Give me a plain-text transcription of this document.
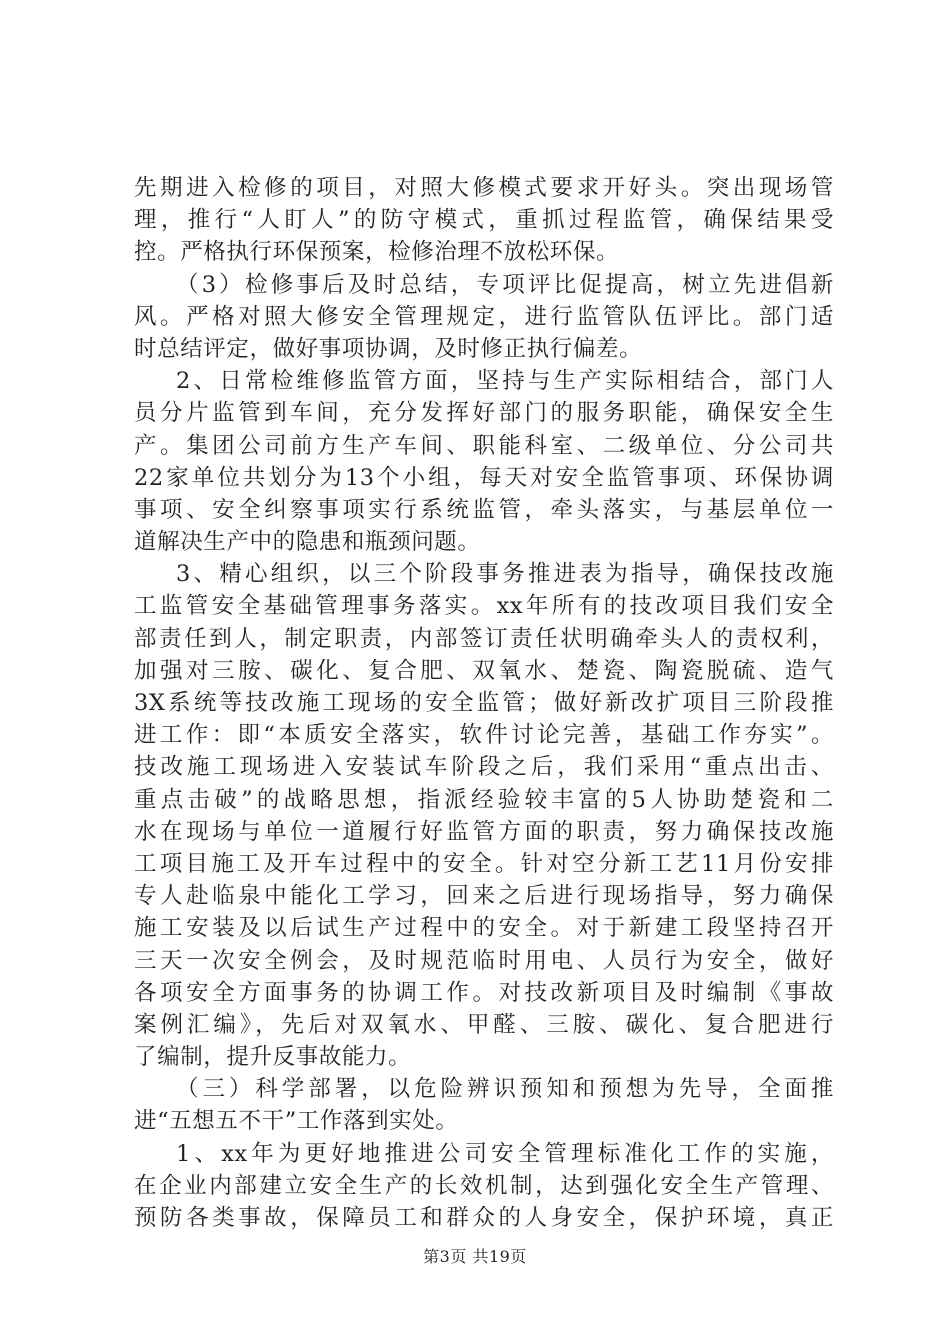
先期进入检修的项目，对照大修模式要求开好头。突出现场管
理，推行“人盯人”的防守模式，重抓过程监管，确保结果受
控。严格执行环保预案，检修治理不放松环保。
（3）检修事后及时总结，专项评比促提高，树立先进倡新
风。严格对照大修安全管理规定，进行监管队伍评比。部门适
时总结评定，做好事项协调，及时修正执行偏差。
2、日常检维修监管方面，坚持与生产实际相结合，部门人
员分片监管到车间，充分发挥好部门的服务职能，确保安全生
产。集团公司前方生产车间、职能科室、二级单位、分公司共
22家单位共划分为13个小组，每天对安全监管事项、环保协调
事项、安全纠察事项实行系统监管，牵头落实，与基层单位一
道解决生产中的隐患和瓶颈问题。
3、精心组织，以三个阶段事务推进表为指导，确保技改施
工监管安全基础管理事务落实。xx年所有的技改项目我们安全
部责任到人，制定职责，内部签订责任状明确牵头人的责权利，
加强对三胺、碳化、复合肥、双氧水、楚瓷、陶瓷脱硫、造气
3X系统等技改施工现场的安全监管；做好新改扩项目三阶段推
进工作：即“本质安全落实，软件讨论完善，基础工作夯实”。
技改施工现场进入安装试车阶段之后，我们采用“重点出击、
重点击破”的战略思想，指派经验较丰富的5人协助楚瓷和二
水在现场与单位一道履行好监管方面的职责，努力确保技改施
工项目施工及开车过程中的安全。针对空分新工艺11月份安排
专人赴临泉中能化工学习，回来之后进行现场指导，努力确保
施工安装及以后试生产过程中的安全。对于新建工段坚持召开
三天一次安全例会，及时规范临时用电、人员行为安全，做好
各项安全方面事务的协调工作。对技改新项目及时编制《事故
案例汇编》，先后对双氧水、甲醛、三胺、碳化、复合肥进行
了编制，提升反事故能力。
（三）科学部署，以危险辨识预知和预想为先导，全面推
进“五想五不干”工作落到实处。
1、xx年为更好地推进公司安全管理标准化工作的实施，
在企业内部建立安全生产的长效机制，达到强化安全生产管理、
预防各类事故，保障员工和群众的人身安全，保护环境，真正
第3页 共19页
